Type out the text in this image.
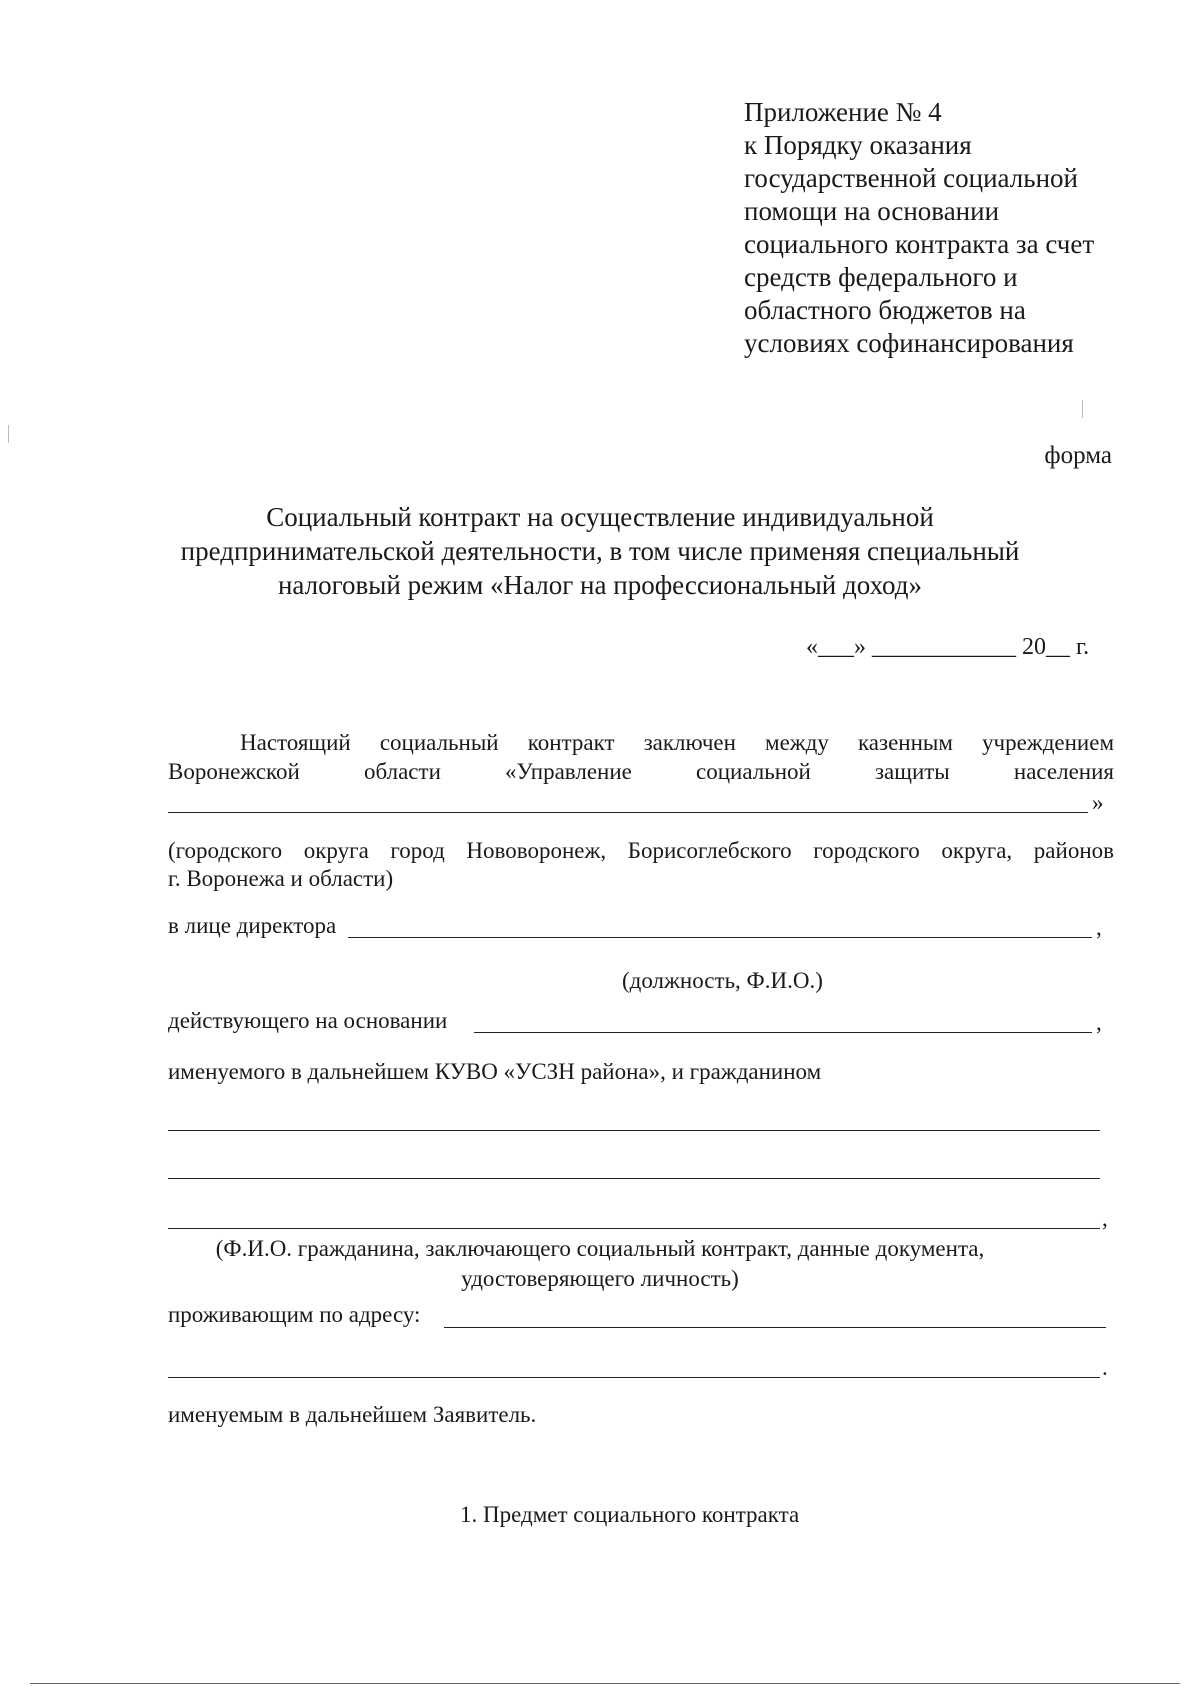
Приложение № 4
к Порядку оказания
государственной социальной
помощи на основании
социального контракта за счет
средств федерального и
областного бюджетов на
условиях софинансирования
форма
Социальный контракт на осуществление индивидуальной
предпринимательской деятельности, в том числе применяя специальный
налоговый режим «Налог на профессиональный доход»
«___» ____________ 20__ г.
Настоящий социальный контракт заключен между казенным учреждением
Воронежской области «Управление социальной защиты населения
»
(городского округа город Нововоронеж, Борисоглебского городского округа, районов
г. Воронежа и области)
в лице директора	,
(должность, Ф.И.О.)
действующего на основании	,
именуемого в дальнейшем КУВО «УСЗН района», и гражданином
,
(Ф.И.О. гражданина, заключающего социальный контракт, данные документа,
удостоверяющего личность)
проживающим по адресу:
.
именуемым в дальнейшем Заявитель.
1. Предмет социального контракта
